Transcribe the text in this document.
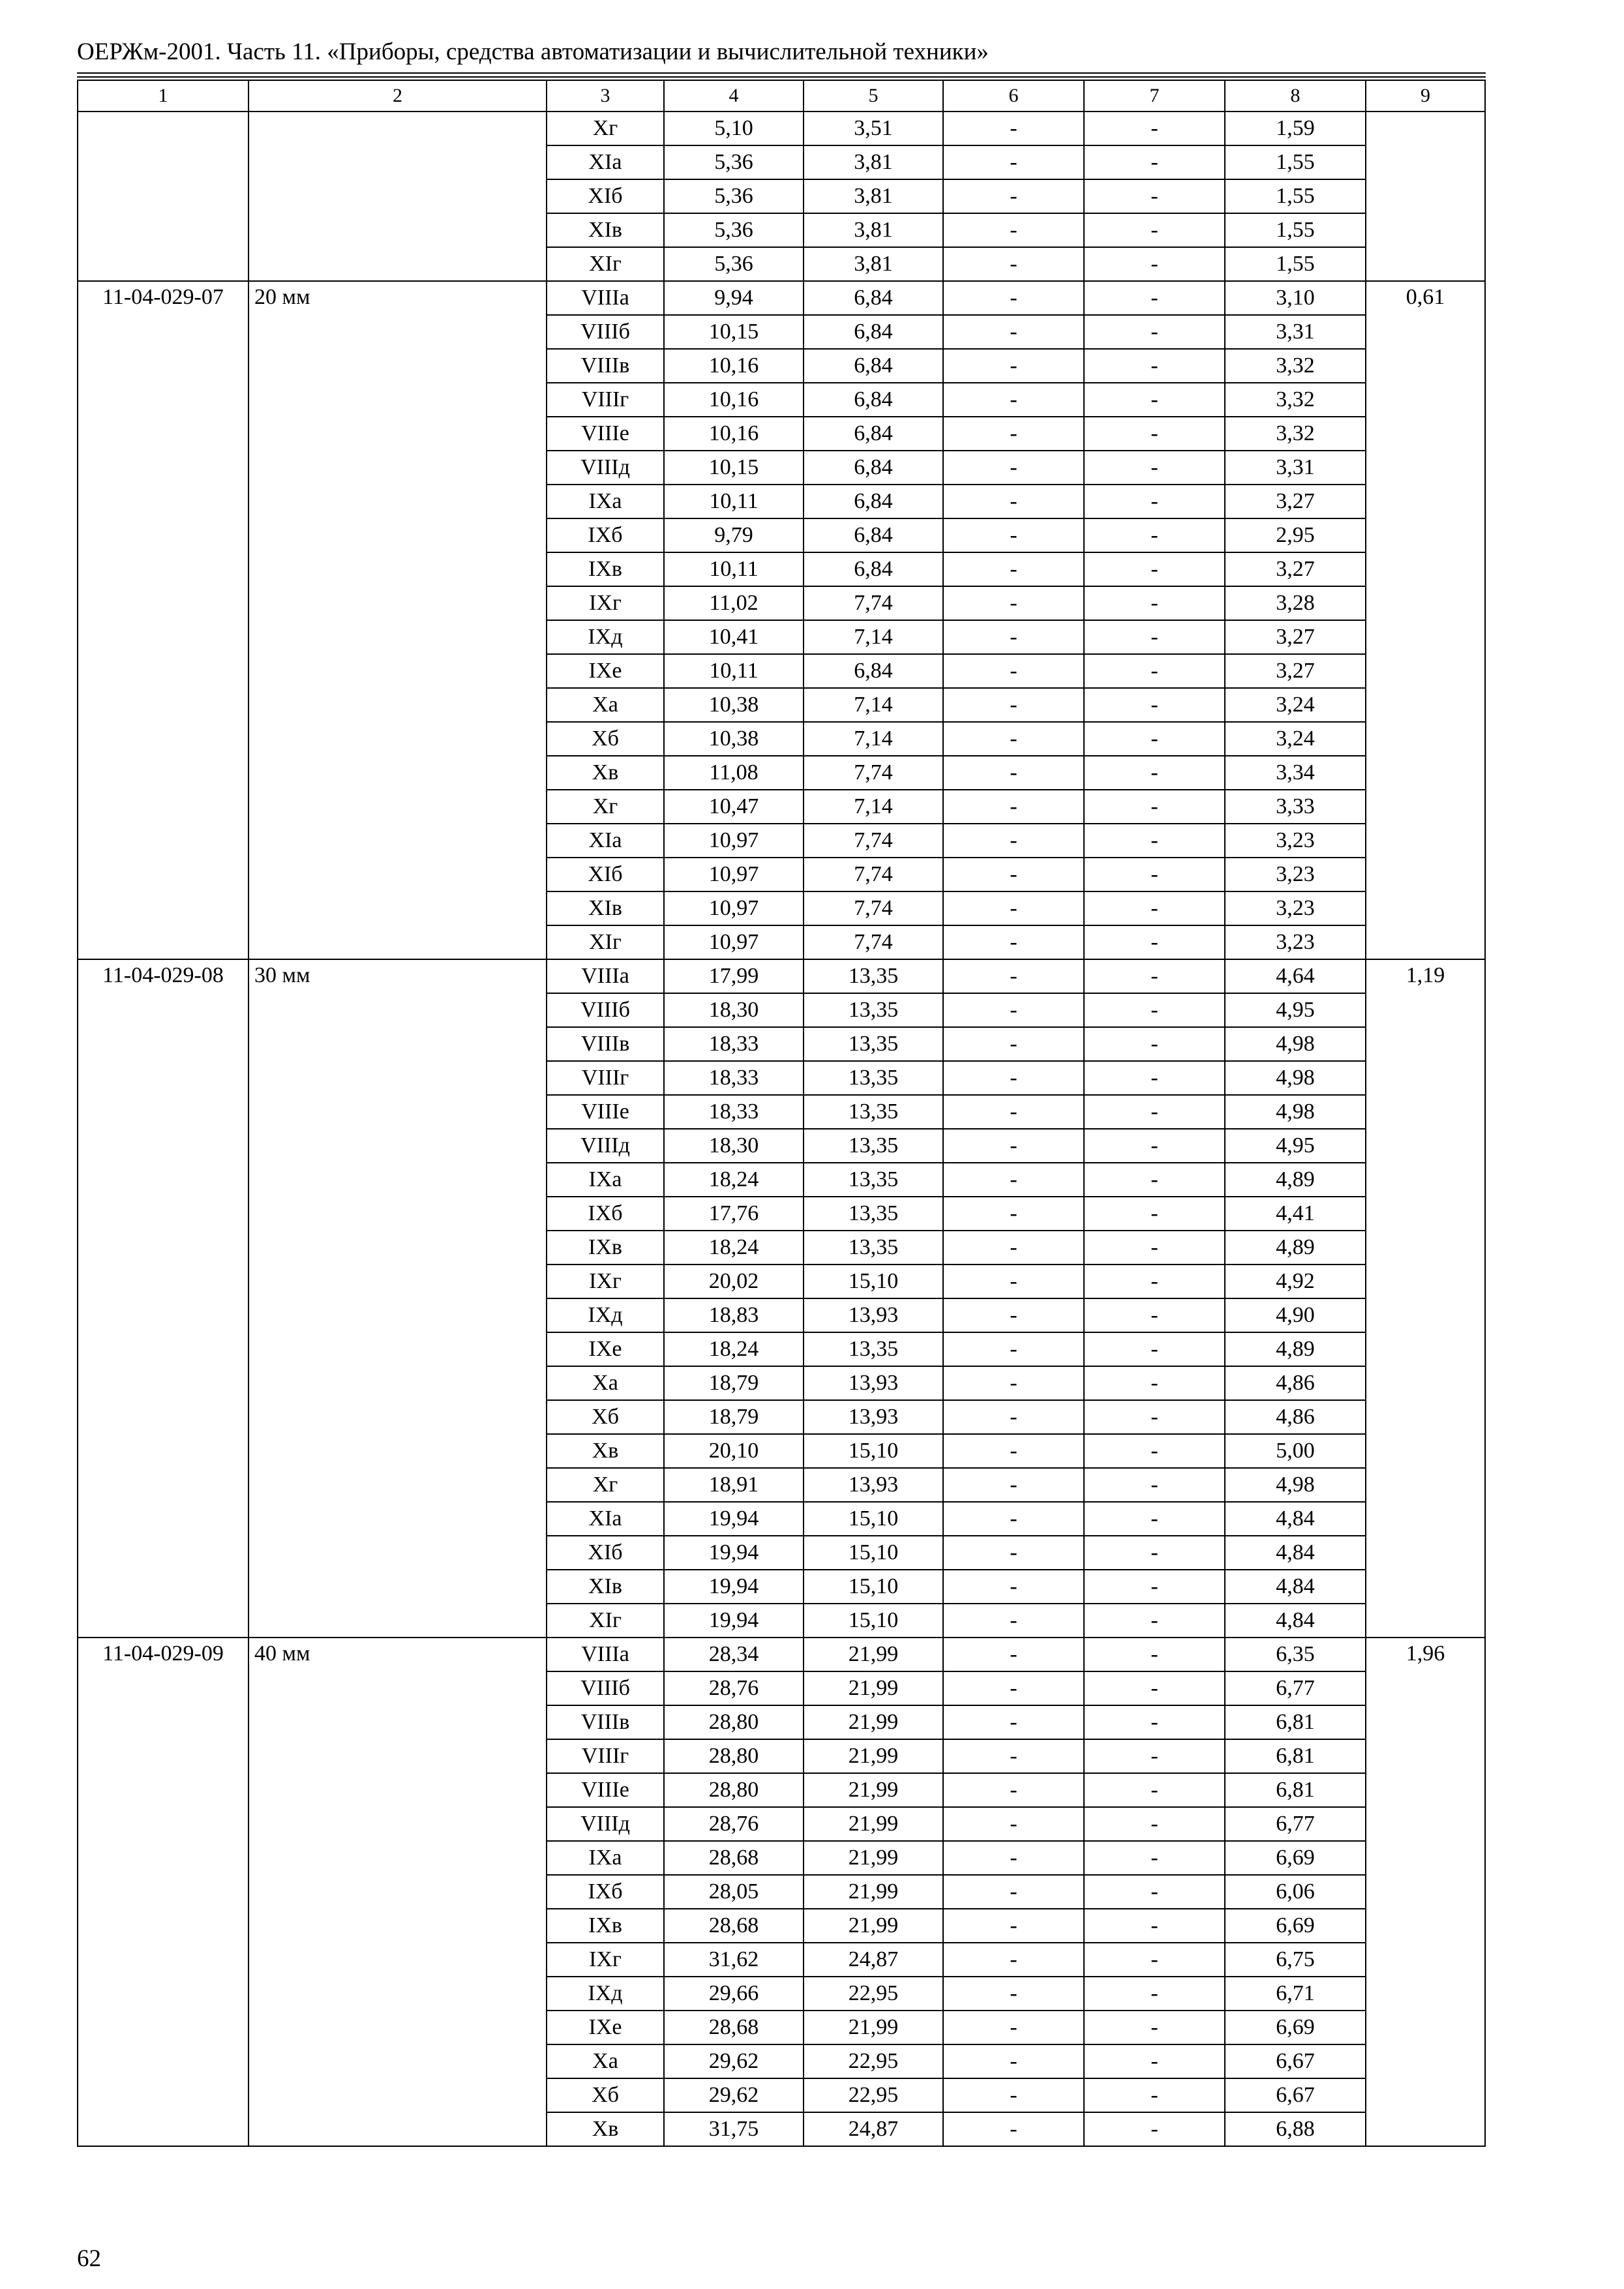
ОЕРЖм-2001. Часть 11. «Приборы, средства автоматизации и вычислительной техники»
1	2	3	4	5	6	7	8	9
		Хг	5,10	3,51	-	-	1,59	
		ХIа	5,36	3,81	-	-	1,55	
		ХIб	5,36	3,81	-	-	1,55	
		ХIв	5,36	3,81	-	-	1,55	
		ХIг	5,36	3,81	-	-	1,55	
11-04-029-07	20 мм	VIIIа	9,94	6,84	-	-	3,10	0,61
		VIIIб	10,15	6,84	-	-	3,31	
		VIIIв	10,16	6,84	-	-	3,32	
		VIIIг	10,16	6,84	-	-	3,32	
		VIIIе	10,16	6,84	-	-	3,32	
		VIIIд	10,15	6,84	-	-	3,31	
		IХа	10,11	6,84	-	-	3,27	
		IХб	9,79	6,84	-	-	2,95	
		IХв	10,11	6,84	-	-	3,27	
		IХг	11,02	7,74	-	-	3,28	
		IХд	10,41	7,14	-	-	3,27	
		IХе	10,11	6,84	-	-	3,27	
		Ха	10,38	7,14	-	-	3,24	
		Хб	10,38	7,14	-	-	3,24	
		Хв	11,08	7,74	-	-	3,34	
		Хг	10,47	7,14	-	-	3,33	
		ХIа	10,97	7,74	-	-	3,23	
		ХIб	10,97	7,74	-	-	3,23	
		ХIв	10,97	7,74	-	-	3,23	
		ХIг	10,97	7,74	-	-	3,23	
11-04-029-08	30 мм	VIIIа	17,99	13,35	-	-	4,64	1,19
		VIIIб	18,30	13,35	-	-	4,95	
		VIIIв	18,33	13,35	-	-	4,98	
		VIIIг	18,33	13,35	-	-	4,98	
		VIIIе	18,33	13,35	-	-	4,98	
		VIIIд	18,30	13,35	-	-	4,95	
		IХа	18,24	13,35	-	-	4,89	
		IХб	17,76	13,35	-	-	4,41	
		IХв	18,24	13,35	-	-	4,89	
		IХг	20,02	15,10	-	-	4,92	
		IХд	18,83	13,93	-	-	4,90	
		IХе	18,24	13,35	-	-	4,89	
		Ха	18,79	13,93	-	-	4,86	
		Хб	18,79	13,93	-	-	4,86	
		Хв	20,10	15,10	-	-	5,00	
		Хг	18,91	13,93	-	-	4,98	
		ХIа	19,94	15,10	-	-	4,84	
		ХIб	19,94	15,10	-	-	4,84	
		ХIв	19,94	15,10	-	-	4,84	
		ХIг	19,94	15,10	-	-	4,84	
11-04-029-09	40 мм	VIIIа	28,34	21,99	-	-	6,35	1,96
		VIIIб	28,76	21,99	-	-	6,77	
		VIIIв	28,80	21,99	-	-	6,81	
		VIIIг	28,80	21,99	-	-	6,81	
		VIIIе	28,80	21,99	-	-	6,81	
		VIIIд	28,76	21,99	-	-	6,77	
		IХа	28,68	21,99	-	-	6,69	
		IХб	28,05	21,99	-	-	6,06	
		IХв	28,68	21,99	-	-	6,69	
		IХг	31,62	24,87	-	-	6,75	
		IХд	29,66	22,95	-	-	6,71	
		IХе	28,68	21,99	-	-	6,69	
		Ха	29,62	22,95	-	-	6,67	
		Хб	29,62	22,95	-	-	6,67	
		Хв	31,75	24,87	-	-	6,88	
62
